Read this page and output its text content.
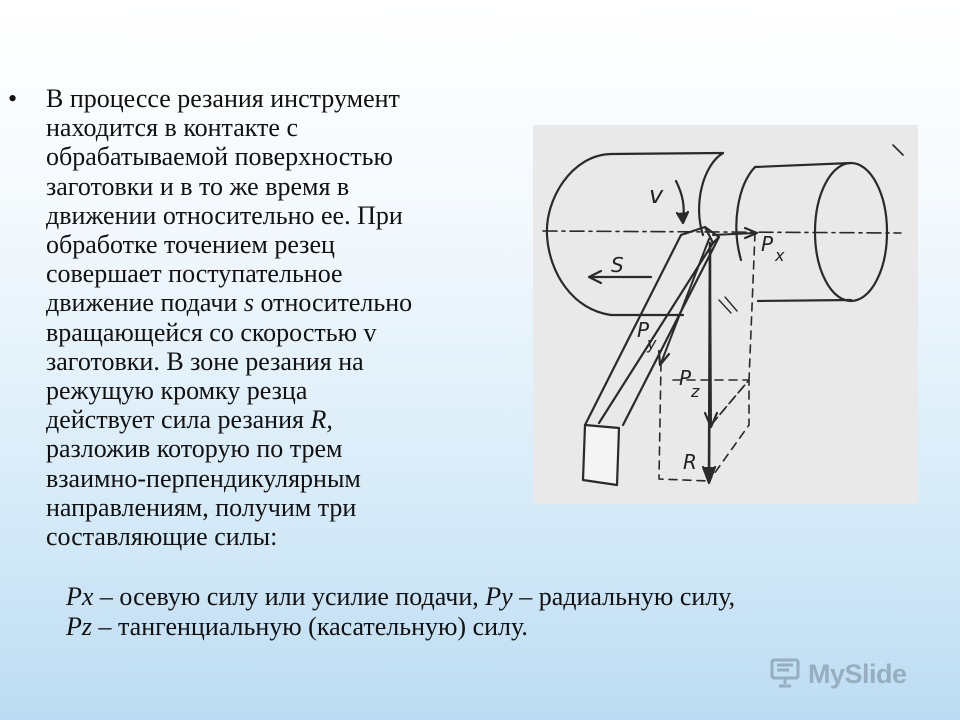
• В процессе резания инструмент
находится в контакте с
обрабатываемой поверхностью
заготовки и в то же время в
движении относительно ее. При
обработке точением резец
совершает поступательное
движение подачи s относительно
вращающейся со скоростью v
заготовки. В зоне резания на
режущую кромку резца
действует сила резания R,
разложив которую по трем
взаимно-перпендикулярным
направлениям, получим три
составляющие силы:
v
S
P x
P
y
P
z
R
Px – осевую силу или усилие подачи, Py – радиальную силу,
Pz – тангенциальную (касательную) силу.
MySlide
